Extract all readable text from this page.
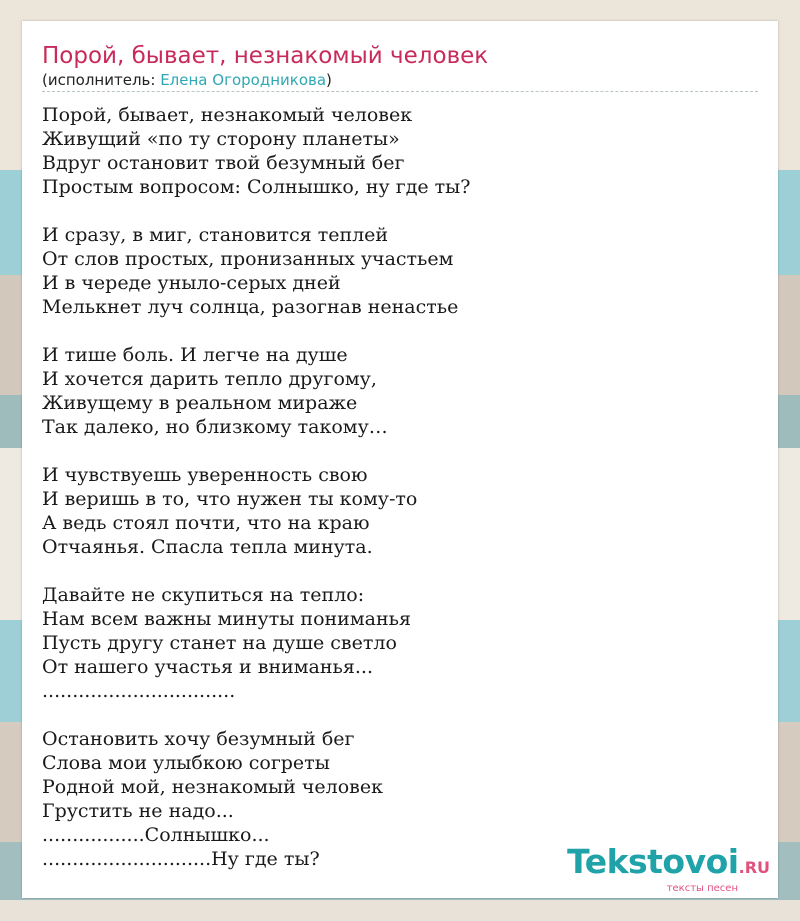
Порой, бывает, незнакомый человек
(исполнитель: Елена Огородникова)
Порой, бывает, незнакомый человек
Живущий «по ту сторону планеты»
Вдруг остановит твой безумный бег
Простым вопросом: Солнышко, ну где ты?
И сразу, в миг, становится теплей
От слов простых, пронизанных участьем
И в череде уныло-серых дней
Мелькнет луч солнца, разогнав ненастье
И тише боль. И легче на душе
И хочется дарить тепло другому,
Живущему в реальном мираже
Так далеко, но близкому такому…
И чувствуешь уверенность свою
И веришь в то, что нужен ты кому-то
А ведь стоял почти, что на краю
Отчаянья. Спасла тепла минута.
Давайте не скупиться на тепло:
Нам всем важны минуты пониманья
Пусть другу станет на душе светло
От нашего участья и вниманья...
................................
Остановить хочу безумный бег
Слова мои улыбкою согреты
Родной мой, незнакомый человек
Грустить не надо...
.................Солнышко...
............................Ну где ты?	Tekstovoi.RU
тексты песен
